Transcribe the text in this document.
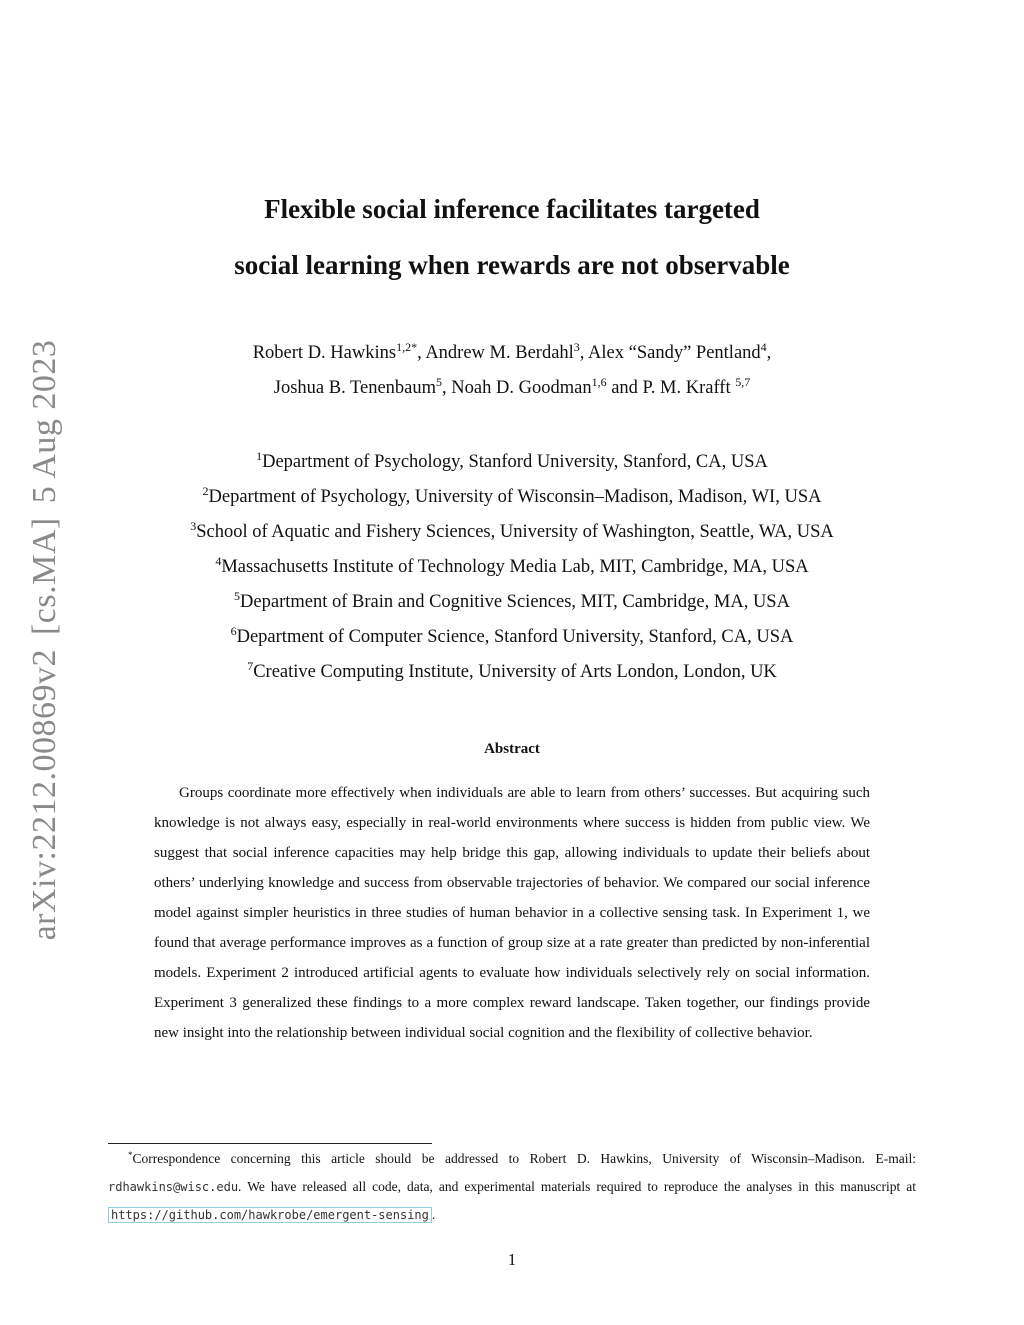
arXiv:2212.00869v2[cs.MA]5 Aug 2023
Flexible social inference facilitates targeted
social learning when rewards are not observable
Robert D. Hawkins$^{1,2*}$, Andrew M. Berdahl$^3$, Alex “Sandy” Pentland$^4$,
Joshua B. Tenenbaum$^5$, Noah D. Goodman$^{1,6}$ and P. M. Krafft $^{5,7}$
$^1$Department of Psychology, Stanford University, Stanford, CA, USA
$^2$Department of Psychology, University of Wisconsin–Madison, Madison, WI, USA
$^3$School of Aquatic and Fishery Sciences, University of Washington, Seattle, WA, USA
$^4$Massachusetts Institute of Technology Media Lab, MIT, Cambridge, MA, USA
$^5$Department of Brain and Cognitive Sciences, MIT, Cambridge, MA, USA
$^6$Department of Computer Science, Stanford University, Stanford, CA, USA
$^7$Creative Computing Institute, University of Arts London, London, UK
Abstract

Groups coordinate more effectively when individuals are able to learn from others’ successes. But acquiring such knowledge is not always easy, especially in real-world environments where success is hidden from public view. We suggest that social inference capacities may help bridge this gap, allowing individuals to update their beliefs about others’ underlying knowledge and success from observable trajectories of behavior. We compared our social inference model against simpler heuristics in three studies of human behavior in a collective sensing task. In Experiment 1, we found that average performance improves as a function of group size at a rate greater than predicted by non-inferential models. Experiment 2 introduced artificial agents to evaluate how individuals selectively rely on social information. Experiment 3 generalized these findings to a more complex reward landscape. Taken together, our findings provide new insight into the relationship between individual social cognition and the flexibility of collective behavior.

*Correspondence concerning this article should be addressed to Robert D. Hawkins, University of Wisconsin–Madison. E-mail: rdhawkins@wisc.edu. We have released all code, data, and experimental materials required to reproduce the analyses in this manuscript at https://github.com/hawkrobe/emergent-sensing .

1
